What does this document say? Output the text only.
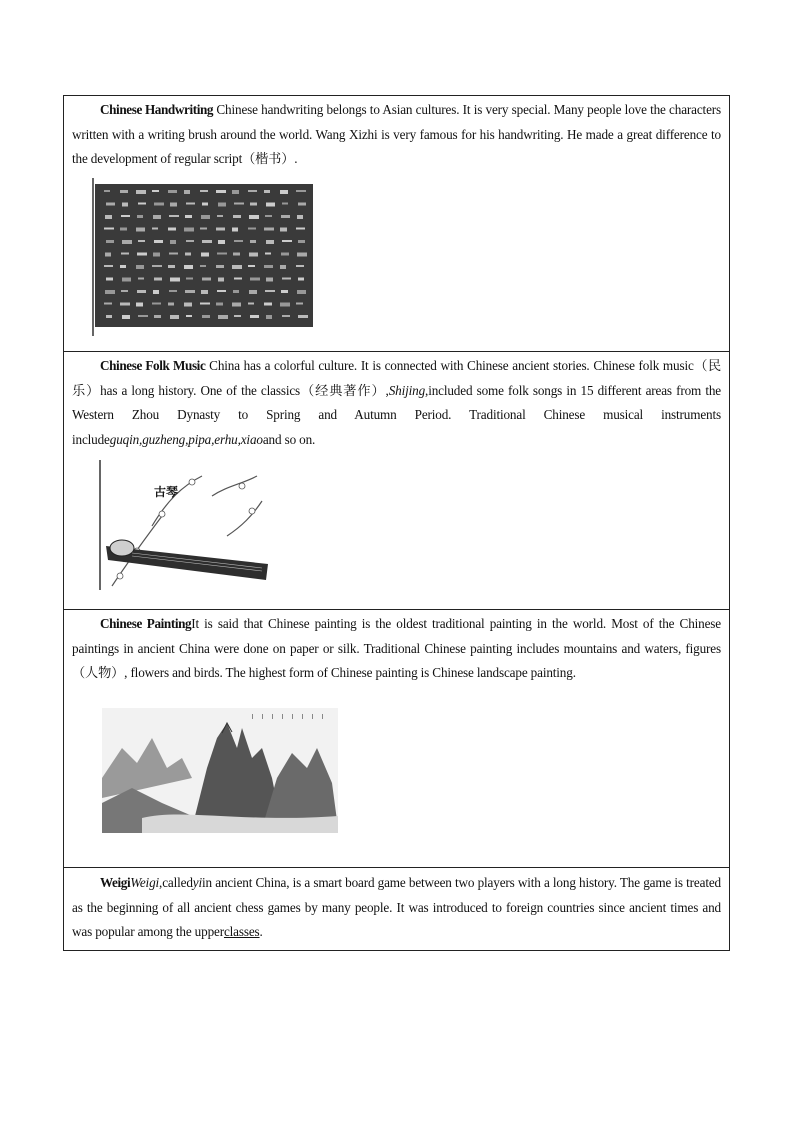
Chinese Handwriting Chinese handwriting belongs to Asian cultures. It is very special. Many people love the characters written with a writing brush around the world. Wang Xizhi is very famous for his handwriting. He made a great difference to the development of regular script（楷书）.

Chinese Folk Music China has a colorful culture. It is connected with Chinese ancient stories. Chinese folk music（民乐）has a long history. One of the classics（经典著作）,Shijing,included some folk songs in 15 different areas from the Western Zhou Dynasty to Spring and Autumn Period. Traditional Chinese musical instruments includeguqin,guzheng,pipa,erhu,xiaoand so on.

古琴

Chinese PaintingIt is said that Chinese painting is the oldest traditional painting in the world. Most of the Chinese paintings in ancient China were done on paper or silk. Traditional Chinese painting includes mountains and waters, figures（人物）, flowers and birds. The highest form of Chinese painting is Chinese landscape painting.

WeigiWeigi,calledyiin ancient China, is a smart board game between two players with a long history. The game is treated as the beginning of all ancient chess games by many people. It was introduced to foreign countries since ancient times and was popular among the upperclasses.
